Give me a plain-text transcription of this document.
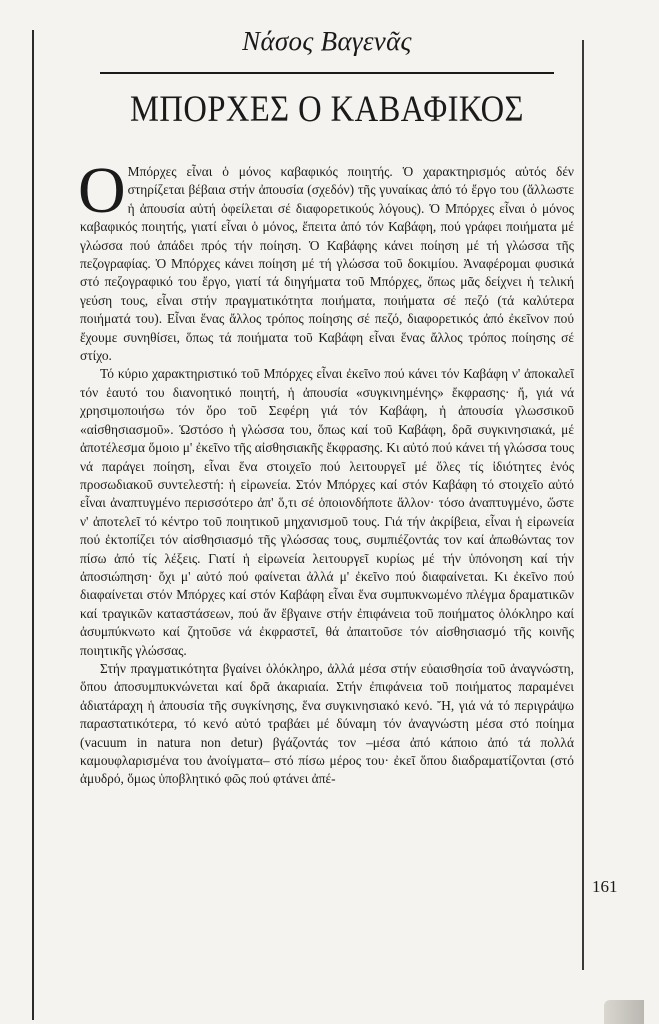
Νάσος Βαγενᾶς
ΜΠΟΡΧΕΣ Ο ΚΑΒΑΦΙΚΟΣ

Ο Μπόρχες εἶναι ὁ μόνος καβαφικός ποιητής. Ὁ χαρακτηρισμός αὐτός δέν στηρίζεται βέβαια στήν ἀπουσία (σχεδόν) τῆς γυναίκας ἀπό τό ἔργο του (ἄλλωστε ἡ ἀπουσία αὐτή ὀφείλεται σέ διαφορετικούς λόγους). Ὁ Μπόρχες εἶναι ὁ μόνος καβαφικός ποιητής, γιατί εἶναι ὁ μόνος, ἔπειτα ἀπό τόν Καβάφη, πού γράφει ποιήματα μέ γλώσσα πού ἀπάδει πρός τήν ποίηση. Ὁ Καβάφης κάνει ποίηση μέ τή γλώσσα τῆς πεζογραφίας. Ὁ Μπόρχες κάνει ποίηση μέ τή γλώσσα τοῦ δοκιμίου. Ἀναφέρομαι φυσικά στό πεζογραφικό του ἔργο, γιατί τά διηγήματα τοῦ Μπόρχες, ὅπως μᾶς δείχνει ἡ τελική γεύση τους, εἶναι στήν πραγματικότητα ποιήματα, ποιήματα σέ πεζό (τά καλύτερα ποιήματά του). Εἶναι ἕνας ἄλλος τρόπος ποίησης σέ πεζό, διαφορετικός ἀπό ἐκεῖνον πού ἔχουμε συνηθίσει, ὅπως τά ποιήματα τοῦ Καβάφη εἶναι ἕνας ἄλλος τρόπος ποίησης σέ στίχο.

Τό κύριο χαρακτηριστικό τοῦ Μπόρχες εἶναι ἐκεῖνο πού κάνει τόν Καβάφη ν' ἀποκαλεῖ τόν ἑαυτό του διανοητικό ποιητή, ἡ ἀπουσία «συγκινημένης» ἔκφρασης· ἤ, γιά νά χρησιμοποιήσω τόν ὅρο τοῦ Σεφέρη γιά τόν Καβάφη, ἡ ἀπουσία γλωσσικοῦ «αἰσθησιασμοῦ». Ὡστόσο ἡ γλώσσα του, ὅπως καί τοῦ Καβάφη, δρᾶ συγκινησιακά, μέ ἀποτέλεσμα ὅμοιο μ' ἐκεῖνο τῆς αἰσθησιακῆς ἔκφρασης. Κι αὐτό πού κάνει τή γλώσσα τους νά παράγει ποίηση, εἶναι ἕνα στοιχεῖο πού λειτουργεῖ μέ ὅλες τίς ἰδιότητες ἑνός προσωδιακοῦ συντελεστή: ἡ εἰρωνεία. Στόν Μπόρχες καί στόν Καβάφη τό στοιχεῖο αὐτό εἶναι ἀναπτυγμένο περισσότερο ἀπ' ὅ,τι σέ ὁποιονδήποτε ἄλλον· τόσο ἀναπτυγμένο, ὥστε ν' ἀποτελεῖ τό κέντρο τοῦ ποιητικοῦ μηχανισμοῦ τους. Γιά τήν ἀκρίβεια, εἶναι ἡ εἰρωνεία πού ἐκτοπίζει τόν αἰσθησιασμό τῆς γλώσσας τους, συμπιέζοντάς τον καί ἀπωθώντας τον πίσω ἀπό τίς λέξεις. Γιατί ἡ εἰρωνεία λειτουργεῖ κυρίως μέ τήν ὑπόνοηση καί τήν ἀποσιώπηση· ὄχι μ' αὐτό πού φαίνεται ἀλλά μ' ἐκεῖνο πού διαφαίνεται. Κι ἐκεῖνο πού διαφαίνεται στόν Μπόρχες καί στόν Καβάφη εἶναι ἕνα συμπυκνωμένο πλέγμα δραματικῶν καί τραγικῶν καταστάσεων, πού ἄν ἔβγαινε στήν ἐπιφάνεια τοῦ ποιήματος ὁλόκληρο καί ἀσυμπύκνωτο καί ζητοῦσε νά ἐκφραστεῖ, θά ἀπαιτοῦσε τόν αἰσθησιασμό τῆς κοινῆς ποιητικῆς γλώσσας.

Στήν πραγματικότητα βγαίνει ὁλόκληρο, ἀλλά μέσα στήν εὐαισθησία τοῦ ἀναγνώστη, ὅπου ἀποσυμπυκνώνεται καί δρᾶ ἀκαριαία. Στήν ἐπιφάνεια τοῦ ποιήματος παραμένει ἀδιατάραχη ἡ ἀπουσία τῆς συγκίνησης, ἕνα συγκινησιακό κενό. Ἤ, γιά νά τό περιγράψω παραστατικότερα, τό κενό αὐτό τραβάει μέ δύναμη τόν ἀναγνώστη μέσα στό ποίημα (vacuum in natura non detur) βγάζοντάς τον –μέσα ἀπό κάποιο ἀπό τά πολλά καμουφλαρισμένα του ἀνοίγματα– στό πίσω μέρος του· ἐκεῖ ὅπου διαδραματίζονται (στό ἀμυδρό, ὅμως ὑποβλητικό φῶς πού φτάνει ἀπέ-

161
